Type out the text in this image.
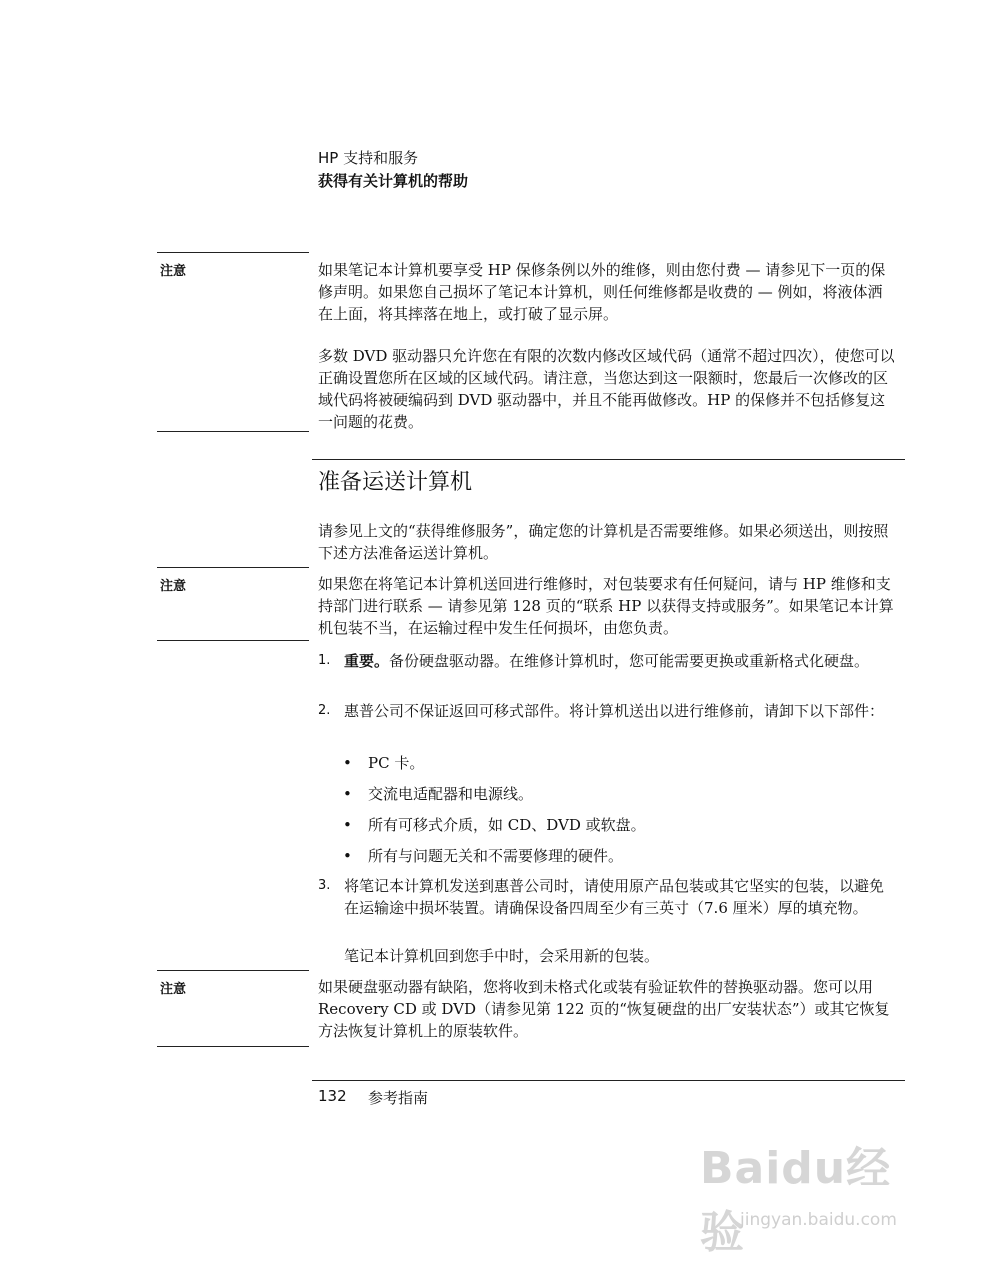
HP 支持和服务
获得有关计算机的帮助
注意	如果笔记本计算机要享受 HP 保修条例以外的维修，则由您付费 — 请参见下一页的保修声明。如果您自己损坏了笔记本计算机，则任何维修都是收费的 — 例如，将液体洒在上面，将其摔落在地上，或打破了显示屏。

多数 DVD 驱动器只允许您在有限的次数内修改区域代码（通常不超过四次），使您可以正确设置您所在区域的区域代码。请注意，当您达到这一限额时，您最后一次修改的区域代码将被硬编码到 DVD 驱动器中，并且不能再做修改。HP 的保修并不包括修复这一问题的花费。

准备运送计算机

请参见上文的“获得维修服务”，确定您的计算机是否需要维修。如果必须送出，则按照下述方法准备运送计算机。

注意	如果您在将笔记本计算机送回进行维修时，对包装要求有任何疑问，请与 HP 维修和支持部门进行联系 — 请参见第 128 页的“联系 HP 以获得支持或服务”。如果笔记本计算机包装不当，在运输过程中发生任何损坏，由您负责。

1. 重要。备份硬盘驱动器。在维修计算机时，您可能需要更换或重新格式化硬盘。
2. 惠普公司不保证返回可移式部件。将计算机送出以进行维修前，请卸下以下部件：
• PC 卡。
• 交流电适配器和电源线。
• 所有可移式介质，如 CD、DVD 或软盘。
• 所有与问题无关和不需要修理的硬件。
3. 将笔记本计算机发送到惠普公司时，请使用原产品包装或其它坚实的包装，以避免在运输途中损坏装置。请确保设备四周至少有三英寸（7.6 厘米）厚的填充物。
笔记本计算机回到您手中时，会采用新的包装。
注意	如果硬盘驱动器有缺陷，您将收到未格式化或装有验证软件的替换驱动器。您可以用 Recovery CD 或 DVD（请参见第 122 页的“恢复硬盘的出厂安装状态”）或其它恢复方法恢复计算机上的原装软件。

132 参考指南
Baidu经验
jingyan.baidu.com
